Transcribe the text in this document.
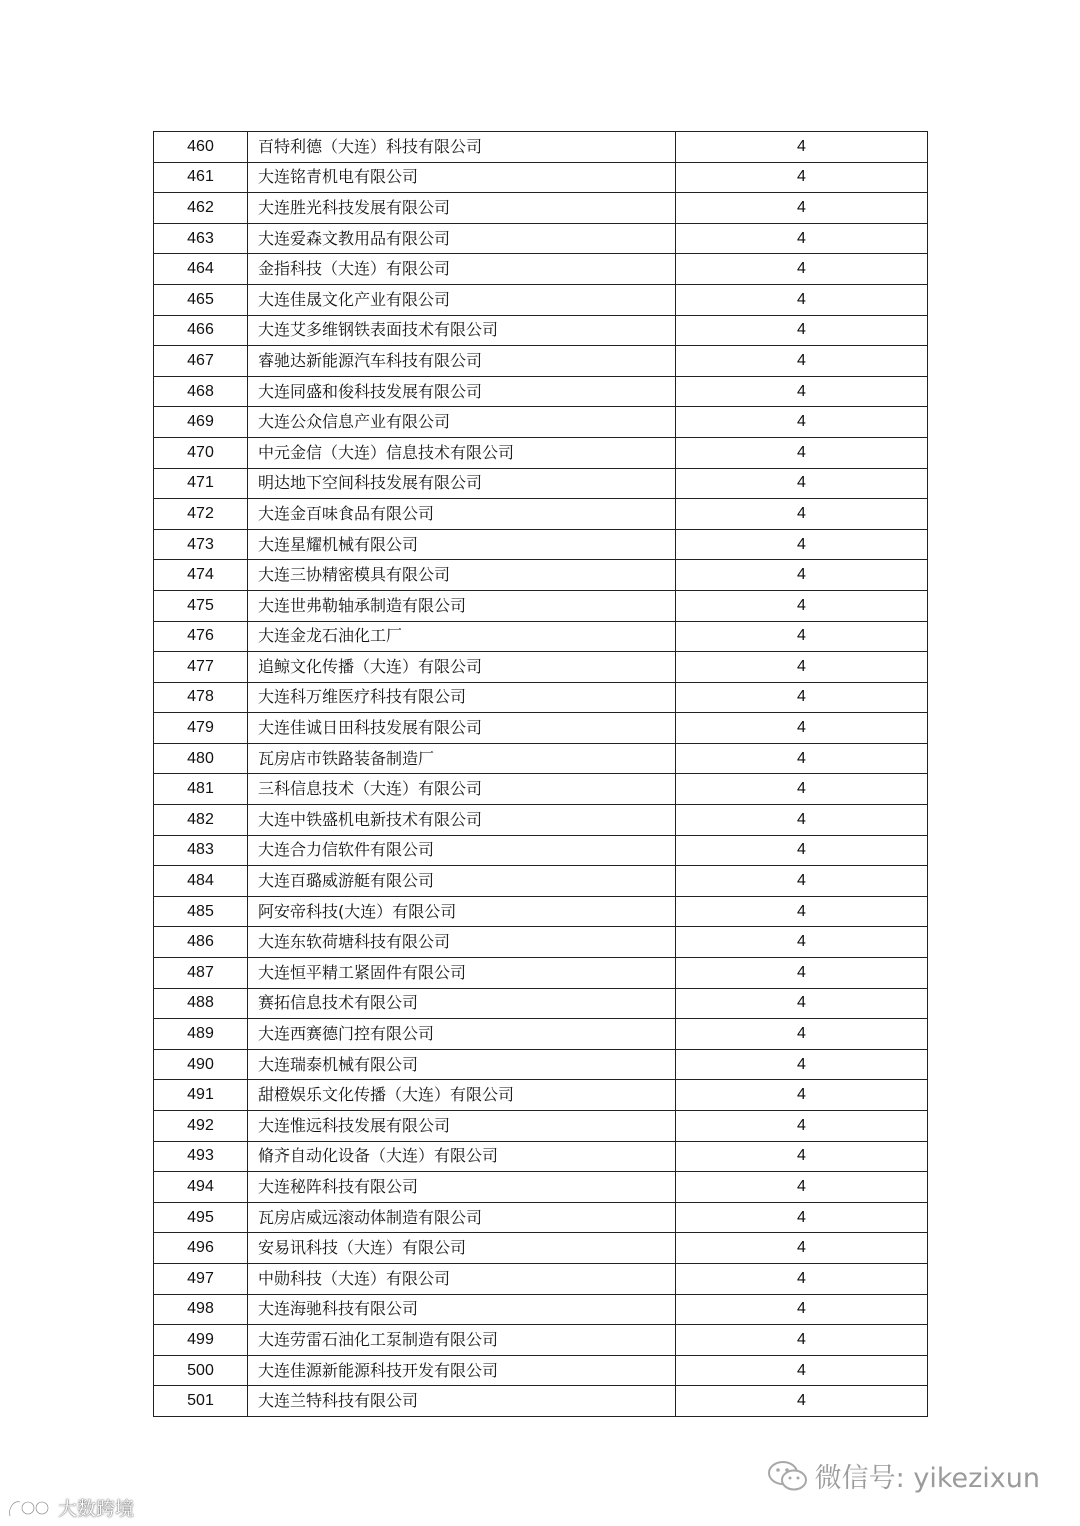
460	百特利德（大连）科技有限公司	4
461	大连铭青机电有限公司	4
462	大连胜光科技发展有限公司	4
463	大连爱森文教用品有限公司	4
464	金指科技（大连）有限公司	4
465	大连佳晟文化产业有限公司	4
466	大连艾多维钢铁表面技术有限公司	4
467	睿驰达新能源汽车科技有限公司	4
468	大连同盛和俊科技发展有限公司	4
469	大连公众信息产业有限公司	4
470	中元金信（大连）信息技术有限公司	4
471	明达地下空间科技发展有限公司	4
472	大连金百味食品有限公司	4
473	大连星耀机械有限公司	4
474	大连三协精密模具有限公司	4
475	大连世弗勒轴承制造有限公司	4
476	大连金龙石油化工厂	4
477	追鲸文化传播（大连）有限公司	4
478	大连科万维医疗科技有限公司	4
479	大连佳诚日田科技发展有限公司	4
480	瓦房店市铁路装备制造厂	4
481	三科信息技术（大连）有限公司	4
482	大连中铁盛机电新技术有限公司	4
483	大连合力信软件有限公司	4
484	大连百璐威游艇有限公司	4
485	阿安帝科技(大连）有限公司	4
486	大连东软荷塘科技有限公司	4
487	大连恒平精工紧固件有限公司	4
488	赛拓信息技术有限公司	4
489	大连西赛德门控有限公司	4
490	大连瑞泰机械有限公司	4
491	甜橙娱乐文化传播（大连）有限公司	4
492	大连惟远科技发展有限公司	4
493	脩齐自动化设备（大连）有限公司	4
494	大连秘阵科技有限公司	4
495	瓦房店威远滚动体制造有限公司	4
496	安易讯科技（大连）有限公司	4
497	中勋科技（大连）有限公司	4
498	大连海驰科技有限公司	4
499	大连劳雷石油化工泵制造有限公司	4
500	大连佳源新能源科技开发有限公司	4
501	大连兰特科技有限公司	4
微信号: yikezixun
大数跨境
